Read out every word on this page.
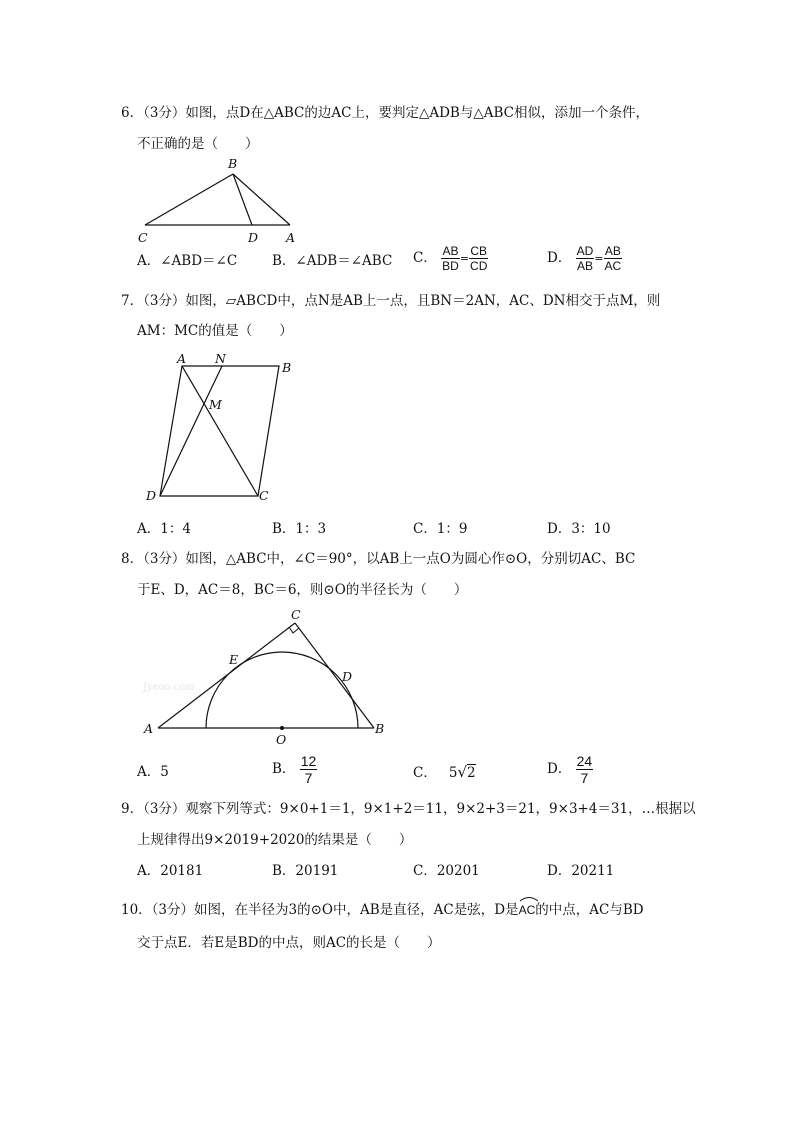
6．（3分）如图，点D在△ABC的边AC上，要判定△ADB与△ABC相似，添加一个条件，
不正确的是（　　）
B
C	D A
A．∠ABD＝∠C	B．∠ADB＝∠ABC C． $\frac{AB}{BD} = \frac{CB}{CD}$	D． $\frac{AD}{AB} = \frac{AB}{AC}$
7．（3分）如图，▱ABCD中，点N是AB上一点，且BN＝2AN，AC、DN相交于点M，则
AM：MC的值是（　　）
A N
B
M
D	C
A．1：4	B．1：3	C．1：9	D．3：10
8．（3分）如图，△ABC中，∠C＝90°，以AB上一点O为圆心作⊙O，分别切AC、BC
于E、D，AC＝8，BC＝6，则⊙O的半径长为（　　）
Jyeoo.com
C
E
D
A
O
B
A．5	B． $\frac{12}{7}$	C． 5√2	D． $\frac{24}{7}$
9．（3分）观察下列等式：9×0+1＝1，9×1+2＝11，9×2+3＝21，9×3+4＝31，…根据以
上规律得出9×2019+2020的结果是（　　）
A．20181	B．20191	C．20201	D．20211
10．（3分）如图，在半径为3的⊙O中，AB是直径，AC是弦，D是
AC的中点，AC与BD
交于点E．若E是BD的中点，则AC的长是（　　）
